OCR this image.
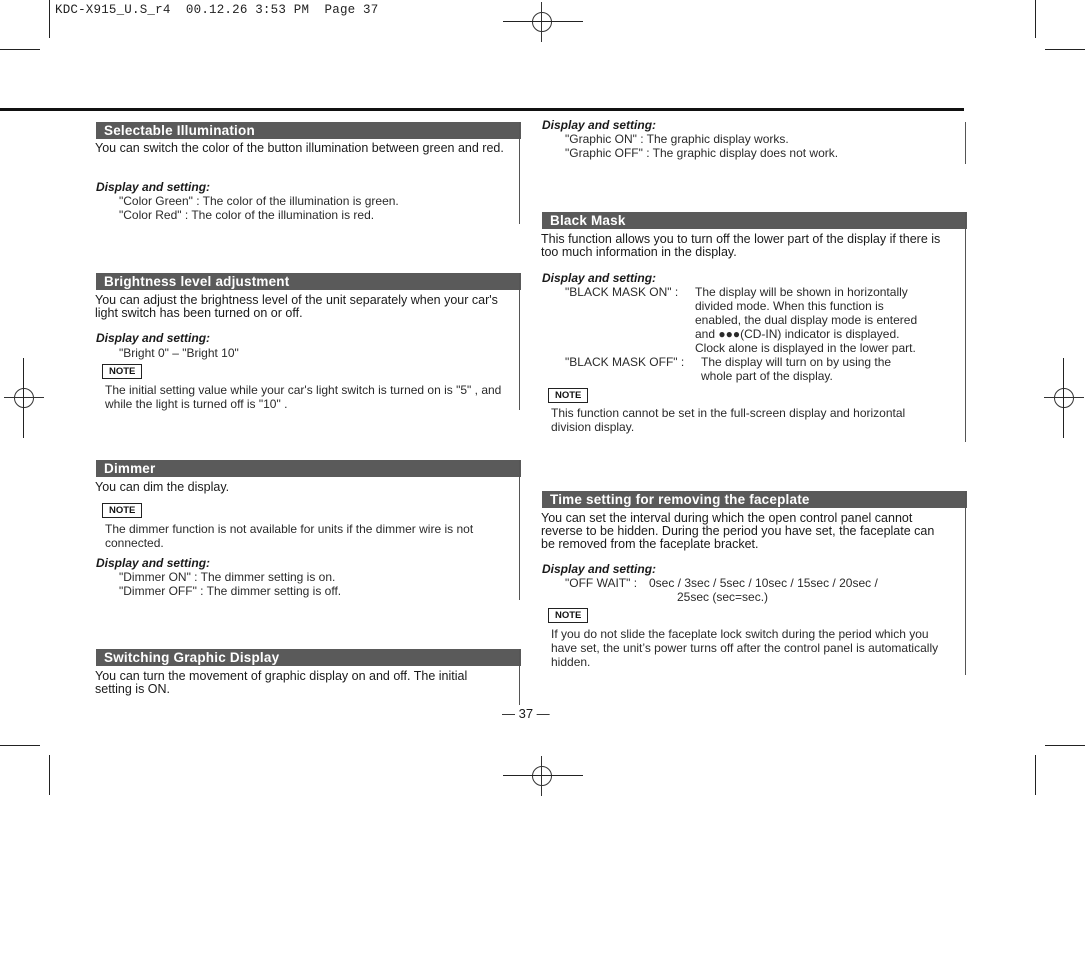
KDC-X915_U.S_r4  00.12.26 3:53 PM  Page 37
Selectable Illumination
You can switch the color of the button illumination between green and red.
Display and setting:
"Color Green" : The color of the illumination is green.
"Color Red" : The color of the illumination is red.
Brightness level adjustment
You can adjust the brightness level of the unit separately when your car's light switch has been turned on or off.
Display and setting:
"Bright 0" – "Bright 10"
NOTE
The initial setting value while your car's light switch is turned on is "5" , and while the light is turned off is "10" .
Dimmer
You can dim the display.
NOTE
The dimmer function is not available for units if the dimmer wire is not connected.
Display and setting:
"Dimmer ON" : The dimmer setting is on.
"Dimmer OFF" : The dimmer setting is off.
Switching Graphic Display
You can turn the movement of graphic display on and off. The initial setting is ON.
Display and setting:
"Graphic ON" : The graphic display works.
"Graphic OFF" : The graphic display does not work.
Black Mask
This function allows you to turn off the lower part of the display if there is too much information in the display.
Display and setting:
"BLACK MASK ON" : The display will be shown in horizontally
divided mode. When this function is
enabled, the dual display mode is entered
and ●●●(CD-IN) indicator is displayed.
Clock alone is displayed in the lower part.
"BLACK MASK OFF" : The display will turn on by using the
whole part of the display.
NOTE
This function cannot be set in the full-screen display and horizontal division display.
Time setting for removing the faceplate
You can set the interval during which the open control panel cannot reverse to be hidden. During the period you have set, the faceplate can be removed from the faceplate bracket.
Display and setting:
"OFF WAIT" : 0sec / 3sec / 5sec / 10sec / 15sec / 20sec /
25sec (sec=sec.)
NOTE
If you do not slide the faceplate lock switch during the period which you have set, the unit’s power turns off after the control panel is automatically hidden.
— 37 —
